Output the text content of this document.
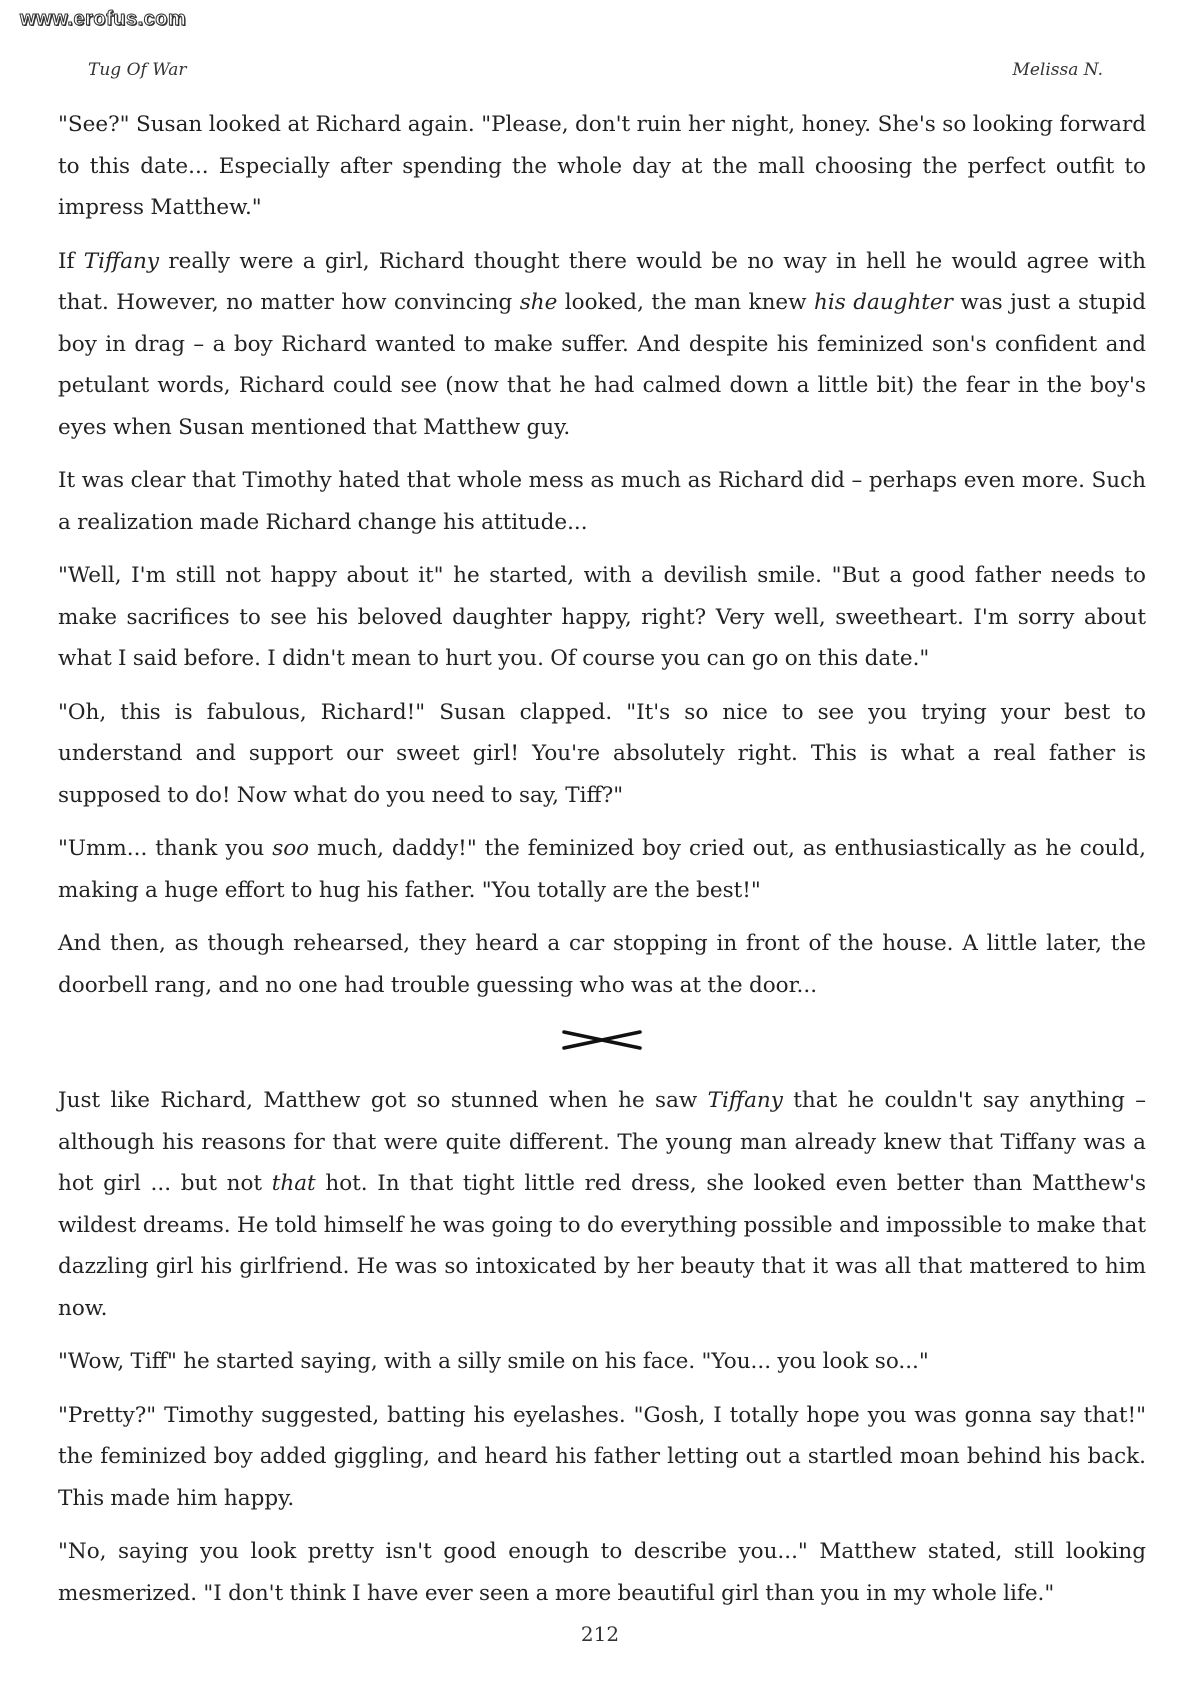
www.erofus.com
Tug Of War	Melissa N.

"See?" Susan looked at Richard again. "Please, don't ruin her night, honey. She's so looking forward to this date... Especially after spending the whole day at the mall choosing the perfect outfit to impress Matthew."

If Tiffany really were a girl, Richard thought there would be no way in hell he would agree with that. However, no matter how convincing she looked, the man knew his daughter was just a stupid boy in drag – a boy Richard wanted to make suffer. And despite his feminized son's confident and petulant words, Richard could see (now that he had calmed down a little bit) the fear in the boy's eyes when Susan mentioned that Matthew guy.

It was clear that Timothy hated that whole mess as much as Richard did – perhaps even more. Such a realization made Richard change his attitude...

"Well, I'm still not happy about it" he started, with a devilish smile. "But a good father needs to make sacrifices to see his beloved daughter happy, right? Very well, sweetheart. I'm sorry about what I said before. I didn't mean to hurt you. Of course you can go on this date."

"Oh, this is fabulous, Richard!" Susan clapped. "It's so nice to see you trying your best to understand and support our sweet girl! You're absolutely right. This is what a real father is supposed to do! Now what do you need to say, Tiff?"

"Umm... thank you soo much, daddy!" the feminized boy cried out, as enthusiastically as he could, making a huge effort to hug his father. "You totally are the best!"

And then, as though rehearsed, they heard a car stopping in front of the house. A little later, the doorbell rang, and no one had trouble guessing who was at the door...

Just like Richard, Matthew got so stunned when he saw Tiffany that he couldn't say anything – although his reasons for that were quite different. The young man already knew that Tiffany was a hot girl ... but not that hot. In that tight little red dress, she looked even better than Matthew's wildest dreams. He told himself he was going to do everything possible and impossible to make that dazzling girl his girlfriend. He was so intoxicated by her beauty that it was all that mattered to him now.

"Wow, Tiff" he started saying, with a silly smile on his face. "You... you look so..."

"Pretty?" Timothy suggested, batting his eyelashes. "Gosh, I totally hope you was gonna say that!" the feminized boy added giggling, and heard his father letting out a startled moan behind his back. This made him happy.

"No, saying you look pretty isn't good enough to describe you..." Matthew stated, still looking mesmerized. "I don't think I have ever seen a more beautiful girl than you in my whole life."

212
